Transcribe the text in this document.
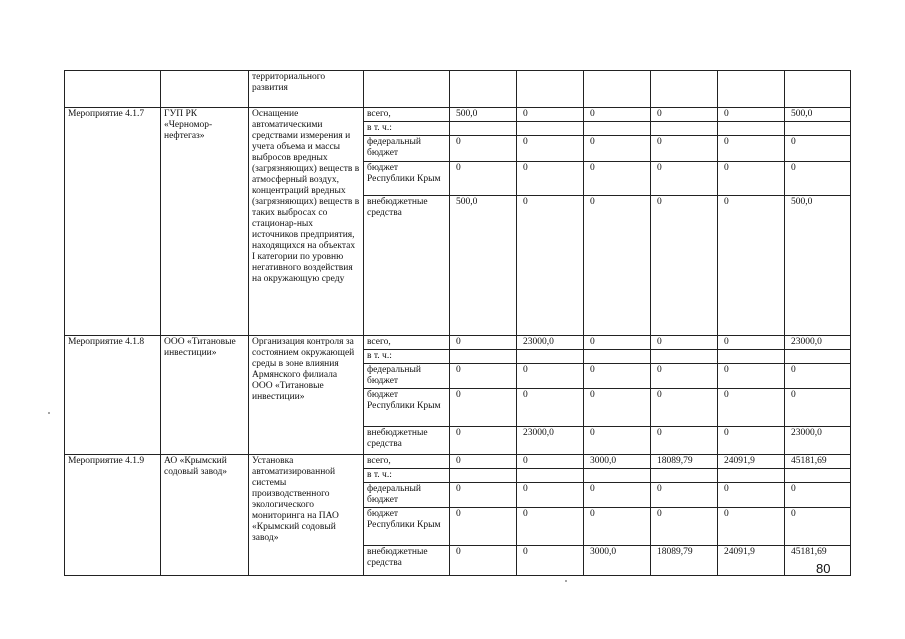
		территориального развития							
Мероприятие 4.1.7	ГУП РК «Черномор-нефтегаз»	Оснащение автоматическими средствами измерения и учета объема и массы выбросов вредных (загрязняющих) веществ в атмосферный воздух, концентраций вредных (загрязняющих) веществ в таких выбросах со стационар-ных источников предприятия, находящихся на объектах I категории по уровню негативного воздействия на окружающую среду	всего,	500,0	0	0	0	0	500,0
			в т. ч.:						
			федеральный бюджет	0	0	0	0	0	0
			бюджет Республики Крым	0	0	0	0	0	0
			внебюджетные средства	500,0	0	0	0	0	500,0
Мероприятие 4.1.8	ООО «Титановые инвестиции»	Организация контроля за состоянием окружающей среды в зоне влияния Армянского филиала ООО «Титановые инвестиции»	всего,	0	23000,0	0	0	0	23000,0
			в т. ч.:						
			федеральный бюджет	0	0	0	0	0	0
			бюджет Республики Крым	0	0	0	0	0	0
			внебюджетные средства	0	23000,0	0	0	0	23000,0
Мероприятие 4.1.9	АО «Крымский содовый завод»	Установка автоматизированной системы производственного экологического мониторинга на ПАО «Крымский содовый завод»	всего,	0	0	3000,0	18089,79	24091,9	45181,69
			в т. ч.:						
			федеральный бюджет	0	0	0	0	0	0
			бюджет Республики Крым	0	0	0	0	0	0
			внебюджетные средства	0	0	3000,0	18089,79	24091,9	45181,69
80
